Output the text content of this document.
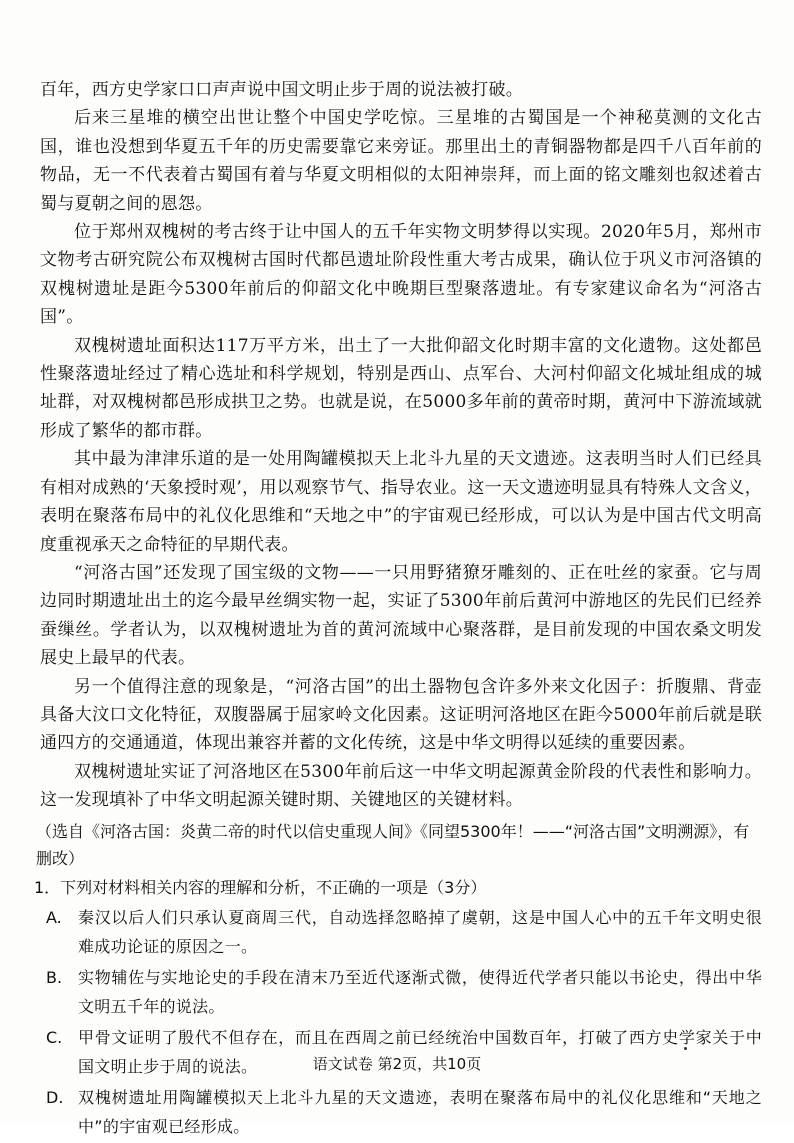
百年，西方史学家口口声声说中国文明止步于周的说法被打破。

后来三星堆的横空出世让整个中国史学吃惊。三星堆的古蜀国是一个神秘莫测的文化古国，谁也没想到华夏五千年的历史需要靠它来旁证。那里出土的青铜器物都是四千八百年前的物品，无一不代表着古蜀国有着与华夏文明相似的太阳神崇拜，而上面的铭文雕刻也叙述着古蜀与夏朝之间的恩怨。

位于郑州双槐树的考古终于让中国人的五千年实物文明梦得以实现。2020年5月，郑州市文物考古研究院公布双槐树古国时代都邑遗址阶段性重大考古成果，确认位于巩义市河洛镇的双槐树遗址是距今5300年前后的仰韶文化中晚期巨型聚落遗址。有专家建议命名为“河洛古国”。

双槐树遗址面积达117万平方米，出土了一大批仰韶文化时期丰富的文化遗物。这处都邑性聚落遗址经过了精心选址和科学规划，特别是西山、点军台、大河村仰韶文化城址组成的城址群，对双槐树都邑形成拱卫之势。也就是说，在5000多年前的黄帝时期，黄河中下游流域就形成了繁华的都市群。

其中最为津津乐道的是一处用陶罐模拟天上北斗九星的天文遗迹。这表明当时人们已经具有相对成熟的‘天象授时观’，用以观察节气、指导农业。这一天文遗迹明显具有特殊人文含义，表明在聚落布局中的礼仪化思维和“天地之中”的宇宙观已经形成，可以认为是中国古代文明高度重视承天之命特征的早期代表。

“河洛古国”还发现了国宝级的文物——一只用野猪獠牙雕刻的、正在吐丝的家蚕。它与周边同时期遗址出土的迄今最早丝绸实物一起，实证了5300年前后黄河中游地区的先民们已经养蚕缫丝。学者认为，以双槐树遗址为首的黄河流域中心聚落群，是目前发现的中国农桑文明发展史上最早的代表。

另一个值得注意的现象是，“河洛古国”的出土器物包含许多外来文化因子：折腹鼎、背壶具备大汶口文化特征，双腹器属于屈家岭文化因素。这证明河洛地区在距今5000年前后就是联通四方的交通通道，体现出兼容并蓄的文化传统，这是中华文明得以延续的重要因素。

双槐树遗址实证了河洛地区在5300年前后这一中华文明起源黄金阶段的代表性和影响力。这一发现填补了中华文明起源关键时期、关键地区的关键材料。

（选自《河洛古国：炎黄二帝的时代以信史重现人间》《同望5300年！——“河洛古国”文明溯源》，有删改）

1．下列对材料相关内容的理解和分析，不正确的一项是（3分）

A.	秦汉以后人们只承认夏商周三代，自动选择忽略掉了虞朝，这是中国人心中的五千年文明史很难成功论证的原因之一。
B. 实物辅佐与实地论史的手段在清末乃至近代逐渐式微，使得近代学者只能以书论史，得出中华文明五千年的说法。
C. 甲骨文证明了殷代不但存在，而且在西周之前已经统治中国数百年，打破了西方史学家关于中国文明止步于周的说法。
D. 双槐树遗址用陶罐模拟天上北斗九星的天文遗迹，表明在聚落布局中的礼仪化思维和“天地之中”的宇宙观已经形成。
语文试卷 第2页，共10页
